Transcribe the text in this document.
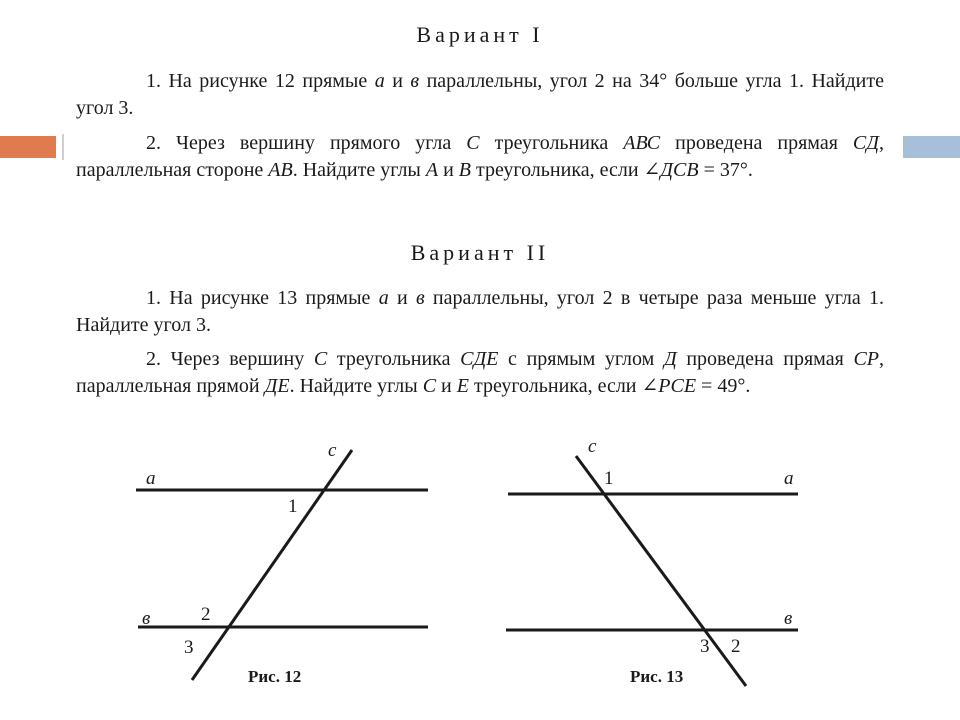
Вариант I

1. На рисунке 12 прямые а и в параллельны, угол 2 на 34° больше угла 1. Найдите угол 3.

2. Через вершину прямого угла С треугольника АВС проведена прямая СД, параллельная стороне АВ. Найдите углы А и В треугольника, если ∠ДСВ = 37°.

Вариант II

1. На рисунке 13 прямые а и в параллельны, угол 2 в четыре раза меньше угла 1. Найдите угол 3.

2. Через вершину С треугольника СДЕ с прямым углом Д проведена прямая СР, параллельная прямой ДЕ. Найдите углы С и Е треугольника, если ∠РСЕ = 49°.

а
в
с
1
2
3
Рис. 12
а
в
с
1
2
3
Рис. 13
